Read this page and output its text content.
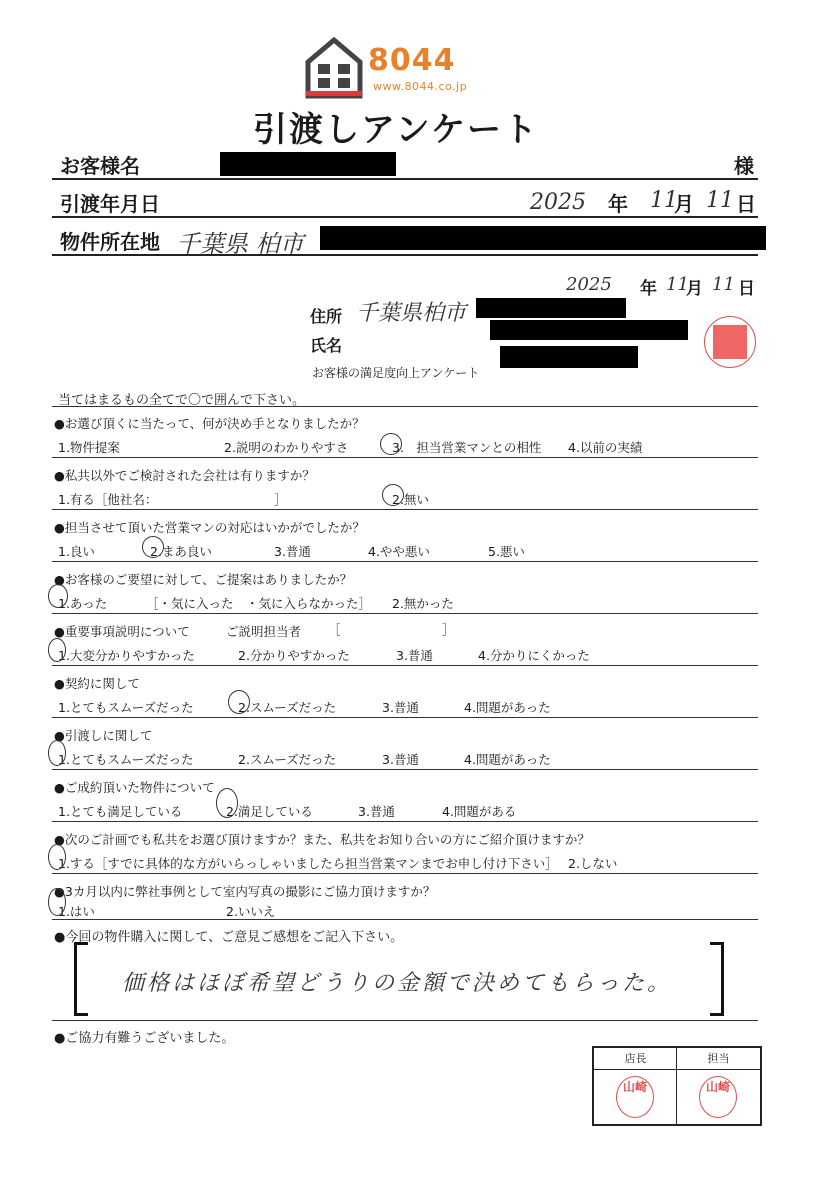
8044
www.8044.co.jp
引渡しアンケート
お客様名	様
引渡年月日	2025 年 11
月 11 日
物件所在地 千葉県 柏市
2025 年 11
月 11 日
住所 千葉県柏市
氏名
お客様の満足度向上アンケート
当てはまるもの全てで〇で囲んで下さい。
●お選び頂くに当たって、何が決め手となりましたか？
1.物件提案	2.説明のわかりやすさ	3.　担当営業マンとの相性 4.以前の実績
●私共以外でご検討された会社は有りますか？
1.有る［他社名：	］	2.無い
●担当させて頂いた営業マンの対応はいかがでしたか？
1.良い	2.まあ良い	3.普通	4.やや悪い	5.悪い
●お客様のご要望に対して、ご提案はありましたか？
1.あった	［・気に入った　・気に入らなかった］ 2.無かった
●重要事項説明について	ご説明担当者 ［	］
1.大変分かりやすかった	2.分かりやすかった	3.普通	4.分かりにくかった
●契約に関して
1.とてもスムーズだった	2.スムーズだった	3.普通	4.問題があった
●引渡しに関して
1.とてもスムーズだった	2.スムーズだった	3.普通	4.問題があった
●ご成約頂いた物件について
1.とても満足している	2.満足している	3.普通	4.問題がある
●次のご計画でも私共をお選び頂けますか？また、私共をお知り合いの方にご紹介頂けますか？
1.する［すでに具体的な方がいらっしゃいましたら担当営業マンまでお申し付け下さい］ 2.しない
●3カ月以内に弊社事例として室内写真の撮影にご協力頂けますか？
1.はい	2.いいえ
●今回の物件購入に関して、ご意見ご感想をご記入下さい。
価格はほぼ希望どうりの金額で決めてもらった。
●ご協力有難うございました。
店長
山崎
担当
山崎
